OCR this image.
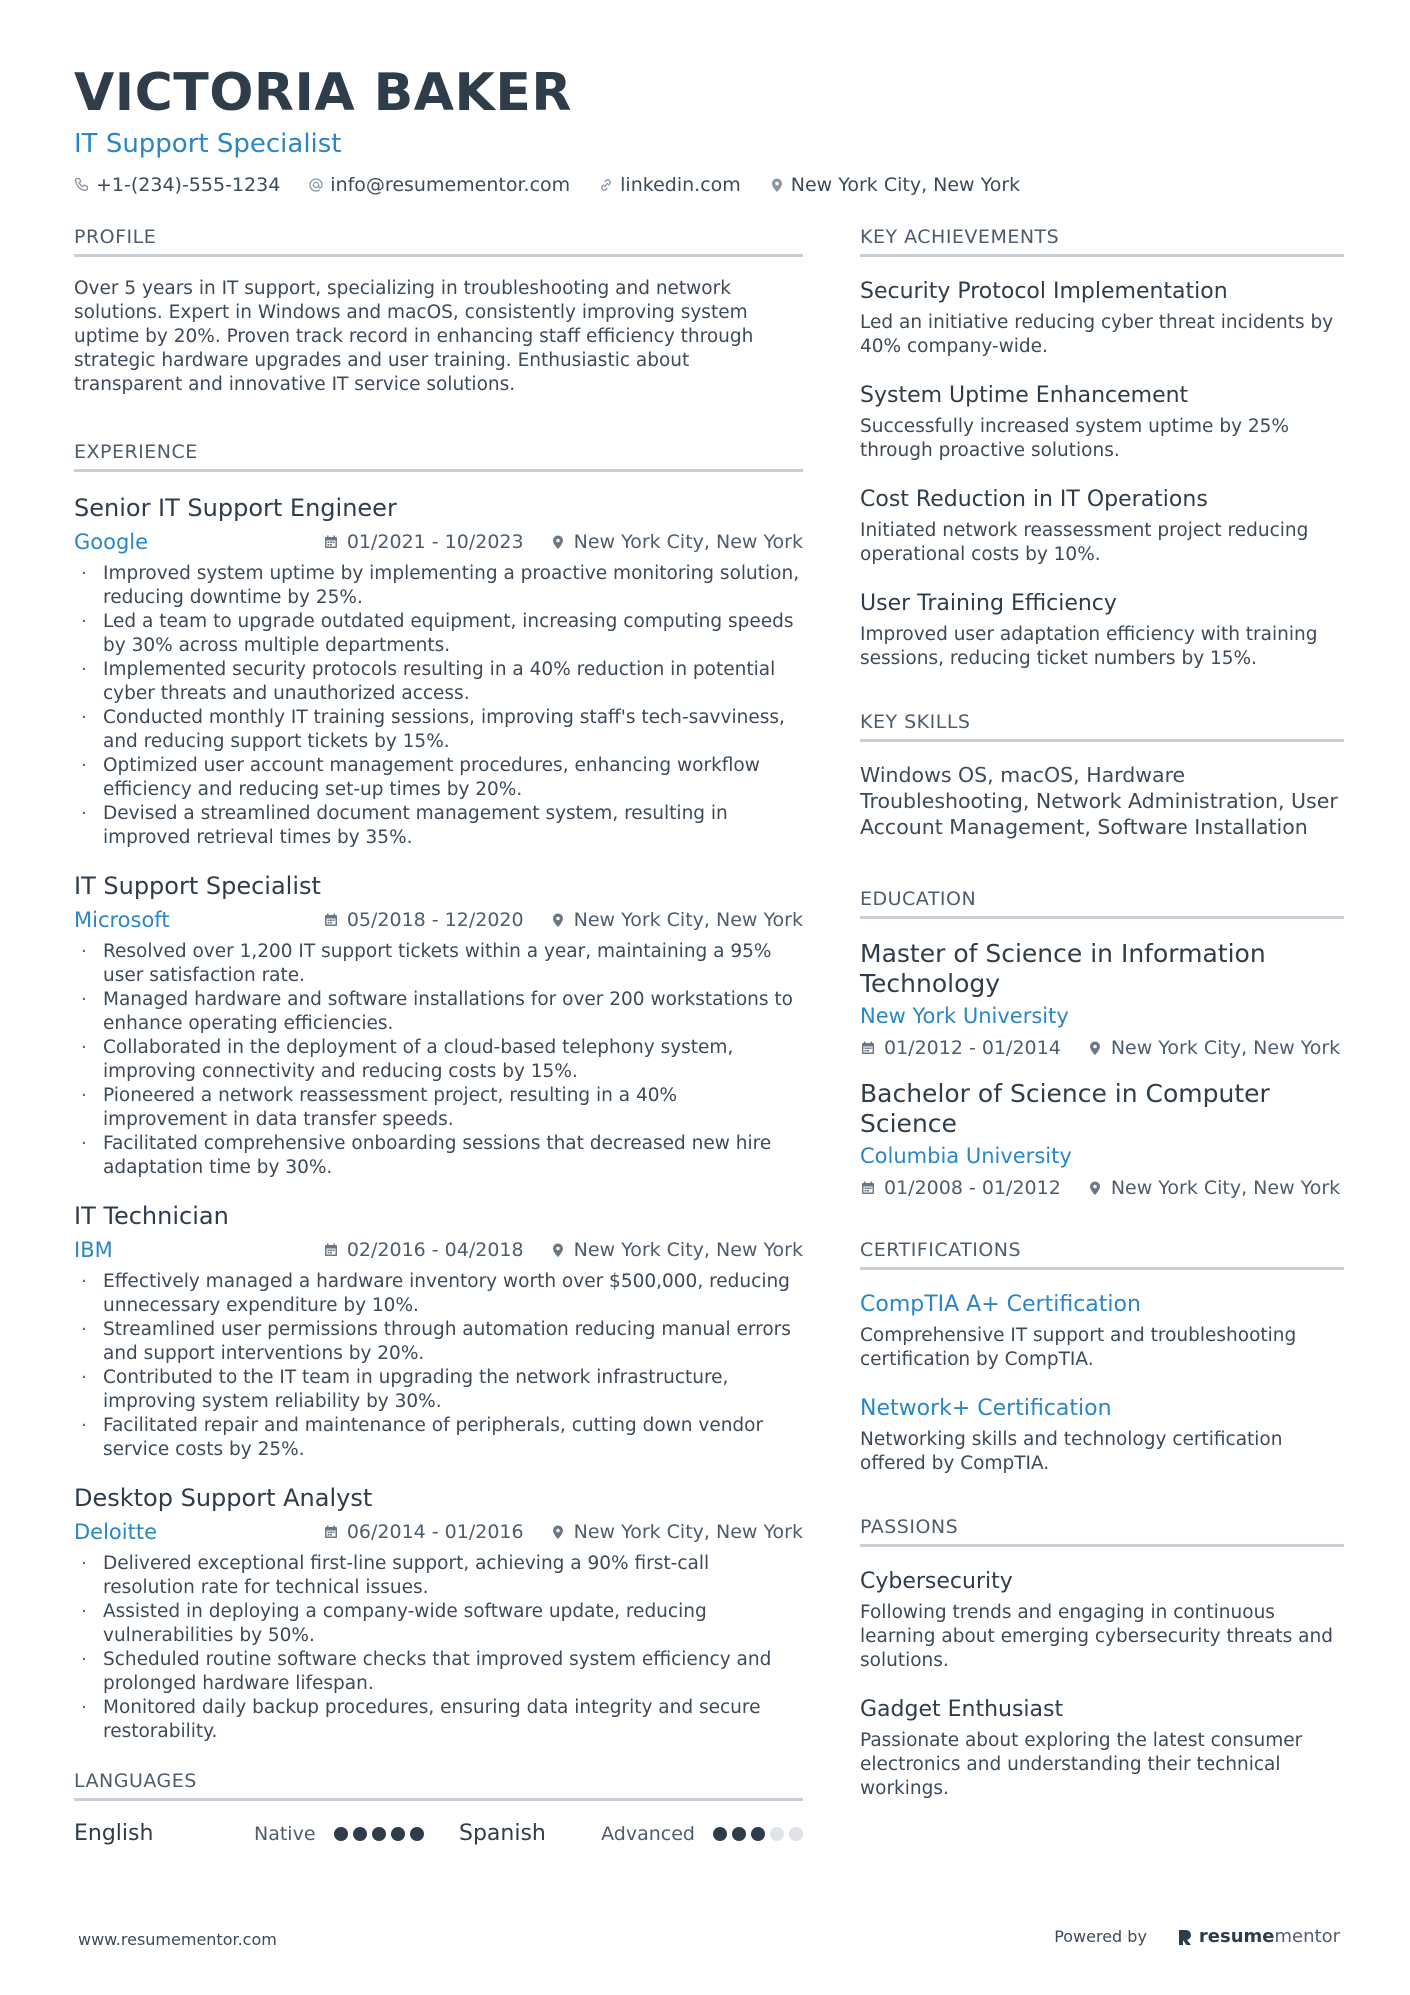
VICTORIA BAKER
IT Support Specialist
+1-(234)-555-1234	info@resumementor.com	linkedin.com	New York City, New York
PROFILE
Over 5 years in IT support, specializing in troubleshooting and network solutions. Expert in Windows and macOS, consistently improving system uptime by 20%. Proven track record in enhancing staff efficiency through strategic hardware upgrades and user training. Enthusiastic about transparent and innovative IT service solutions.
EXPERIENCE
Senior IT Support Engineer
Google	01/2021 - 10/2023	New York City, New York
· Improved system uptime by implementing a proactive monitoring solution, reducing downtime by 25%.
· Led a team to upgrade outdated equipment, increasing computing speeds by 30% across multiple departments.
· Implemented security protocols resulting in a 40% reduction in potential cyber threats and unauthorized access.
· Conducted monthly IT training sessions, improving staff's tech-savviness, and reducing support tickets by 15%.
· Optimized user account management procedures, enhancing workflow efficiency and reducing set-up times by 20%.
· Devised a streamlined document management system, resulting in improved retrieval times by 35%.
IT Support Specialist
Microsoft	05/2018 - 12/2020	New York City, New York
· Resolved over 1,200 IT support tickets within a year, maintaining a 95% user satisfaction rate.
· Managed hardware and software installations for over 200 workstations to enhance operating efficiencies.
· Collaborated in the deployment of a cloud-based telephony system, improving connectivity and reducing costs by 15%.
· Pioneered a network reassessment project, resulting in a 40% improvement in data transfer speeds.
· Facilitated comprehensive onboarding sessions that decreased new hire adaptation time by 30%.
IT Technician
IBM	02/2016 - 04/2018	New York City, New York
· Effectively managed a hardware inventory worth over $500,000, reducing unnecessary expenditure by 10%.
· Streamlined user permissions through automation reducing manual errors and support interventions by 20%.
· Contributed to the IT team in upgrading the network infrastructure, improving system reliability by 30%.
· Facilitated repair and maintenance of peripherals, cutting down vendor service costs by 25%.
Desktop Support Analyst
Deloitte	06/2014 - 01/2016	New York City, New York
· Delivered exceptional first-line support, achieving a 90% first-call resolution rate for technical issues.
· Assisted in deploying a company-wide software update, reducing vulnerabilities by 50%.
· Scheduled routine software checks that improved system efficiency and prolonged hardware lifespan.
· Monitored daily backup procedures, ensuring data integrity and secure restorability.
LANGUAGES
English	Native	Spanish	Advanced
KEY ACHIEVEMENTS
Security Protocol Implementation
Led an initiative reducing cyber threat incidents by 40% company-wide.
System Uptime Enhancement
Successfully increased system uptime by 25% through proactive solutions.
Cost Reduction in IT Operations
Initiated network reassessment project reducing operational costs by 10%.
User Training Efficiency
Improved user adaptation efficiency with training sessions, reducing ticket numbers by 15%.
KEY SKILLS
Windows OS, macOS, Hardware Troubleshooting, Network Administration, User Account Management, Software Installation
EDUCATION
Master of Science in Information Technology
New York University
01/2012 - 01/2014	New York City, New York
Bachelor of Science in Computer Science
Columbia University
01/2008 - 01/2012	New York City, New York
CERTIFICATIONS
CompTIA A+ Certification
Comprehensive IT support and troubleshooting certification by CompTIA.
Network+ Certification
Networking skills and technology certification offered by CompTIA.
PASSIONS
Cybersecurity
Following trends and engaging in continuous learning about emerging cybersecurity threats and solutions.
Gadget Enthusiast
Passionate about exploring the latest consumer electronics and understanding their technical workings.
www.resumementor.com	Powered by	resumementor
